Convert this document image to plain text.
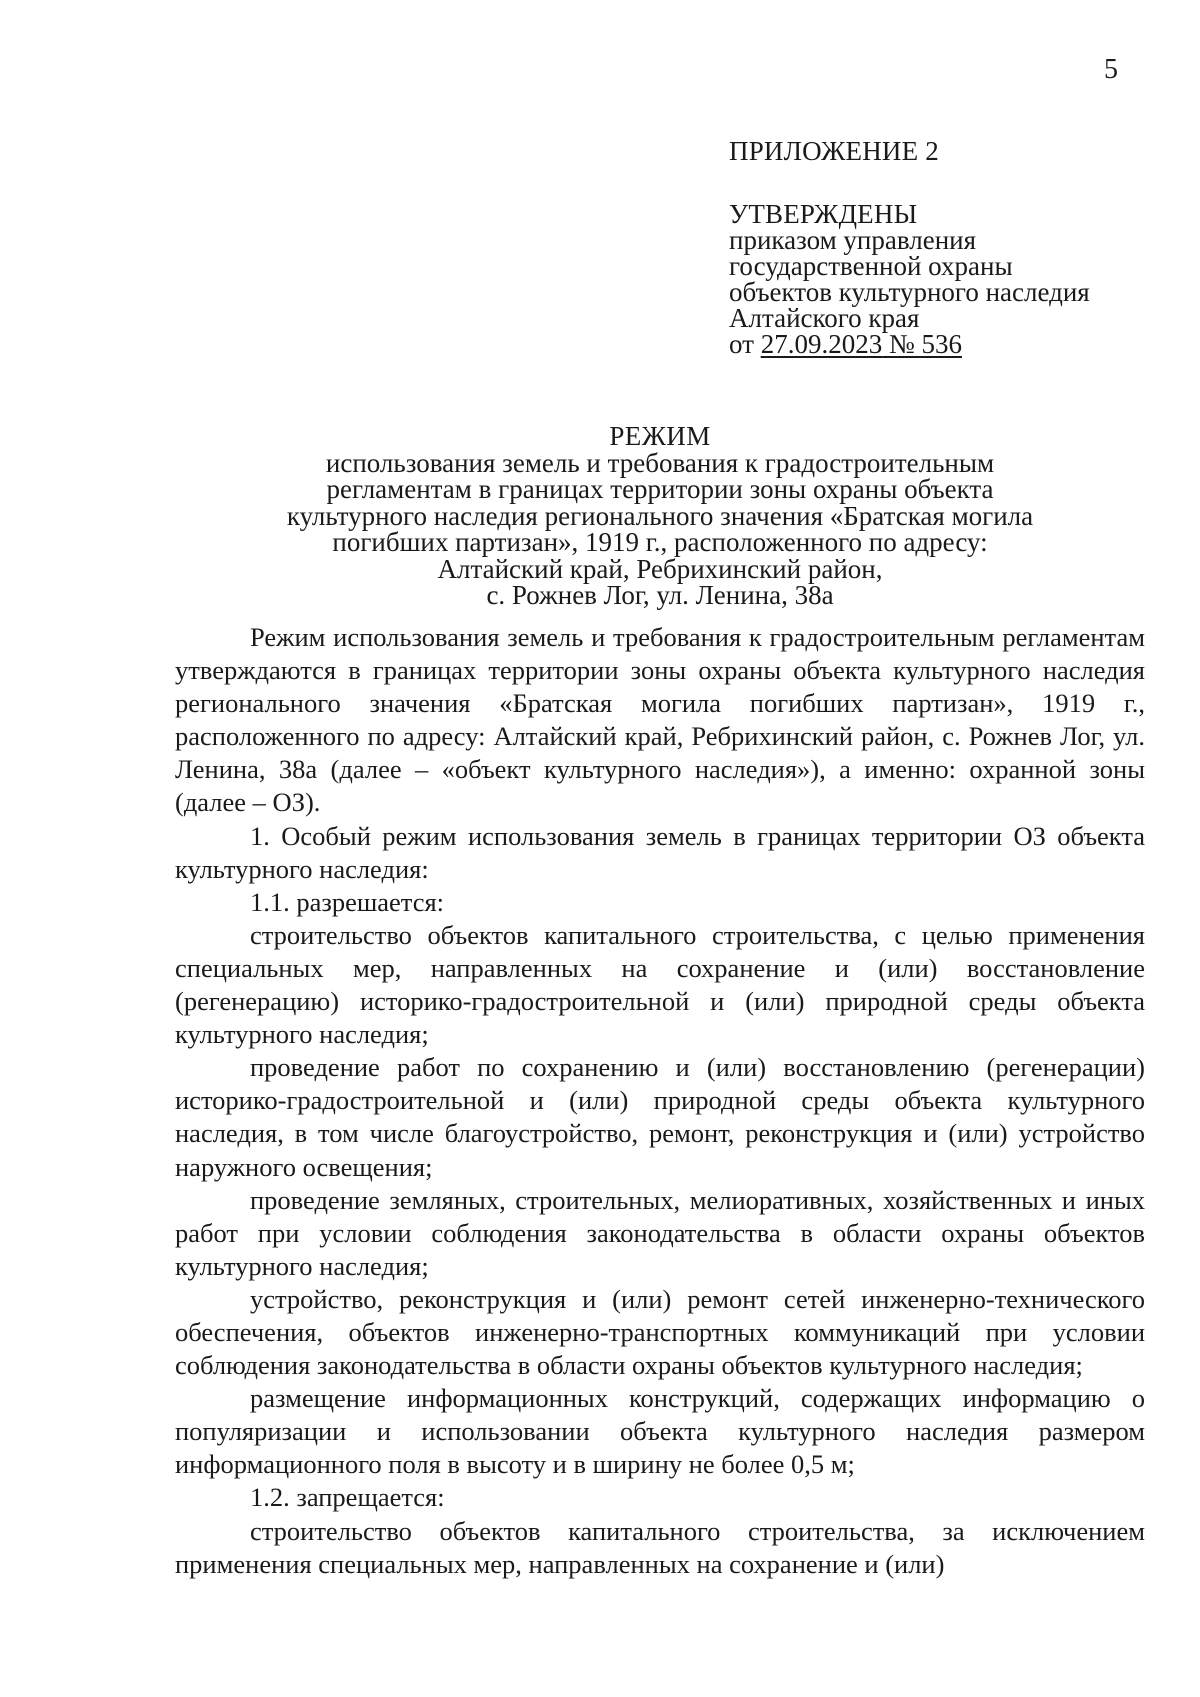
5

ПРИЛОЖЕНИЕ 2

УТВЕРЖДЕНЫ

приказом управления

государственной охраны

объектов культурного наследия

Алтайского края

от 27.09.2023 № 536

РЕЖИМ

использования земель и требования к градостроительным

регламентам в границах территории зоны охраны объекта

культурного наследия регионального значения «Братская могила

погибших партизан», 1919 г., расположенного по адресу:

Алтайский край, Ребрихинский район,

с. Рожнев Лог, ул. Ленина, 38а

Режим использования земель и требования к градостроительным регламентам утверждаются в границах территории зоны охраны объекта культурного наследия регионального значения «Братская могила погибших партизан», 1919 г., расположенного по адресу: Алтайский край, Ребрихинский район, с. Рожнев Лог, ул. Ленина, 38а (далее – «объект культурного наследия»), а именно: охранной зоны (далее – ОЗ).

1. Особый режим использования земель в границах территории ОЗ объекта культурного наследия:

1.1. разрешается:

строительство объектов капитального строительства, с целью применения специальных мер, направленных на сохранение и (или) восстановление (регенерацию) историко-градостроительной и (или) природной среды объекта культурного наследия;

проведение работ по сохранению и (или) восстановлению (регенерации) историко-градостроительной и (или) природной среды объекта культурного наследия, в том числе благоустройство, ремонт, реконструкция и (или) устройство наружного освещения;

проведение земляных, строительных, мелиоративных, хозяйственных и иных работ при условии соблюдения законодательства в области охраны объектов культурного наследия;

устройство, реконструкция и (или) ремонт сетей инженерно-технического обеспечения, объектов инженерно-транспортных коммуникаций при условии соблюдения законодательства в области охраны объектов культурного наследия;

размещение информационных конструкций, содержащих информацию о популяризации и использовании объекта культурного наследия размером информационного поля в высоту и в ширину не более 0,5 м;

1.2. запрещается:

строительство объектов капитального строительства, за исключением применения специальных мер, направленных на сохранение и (или)
